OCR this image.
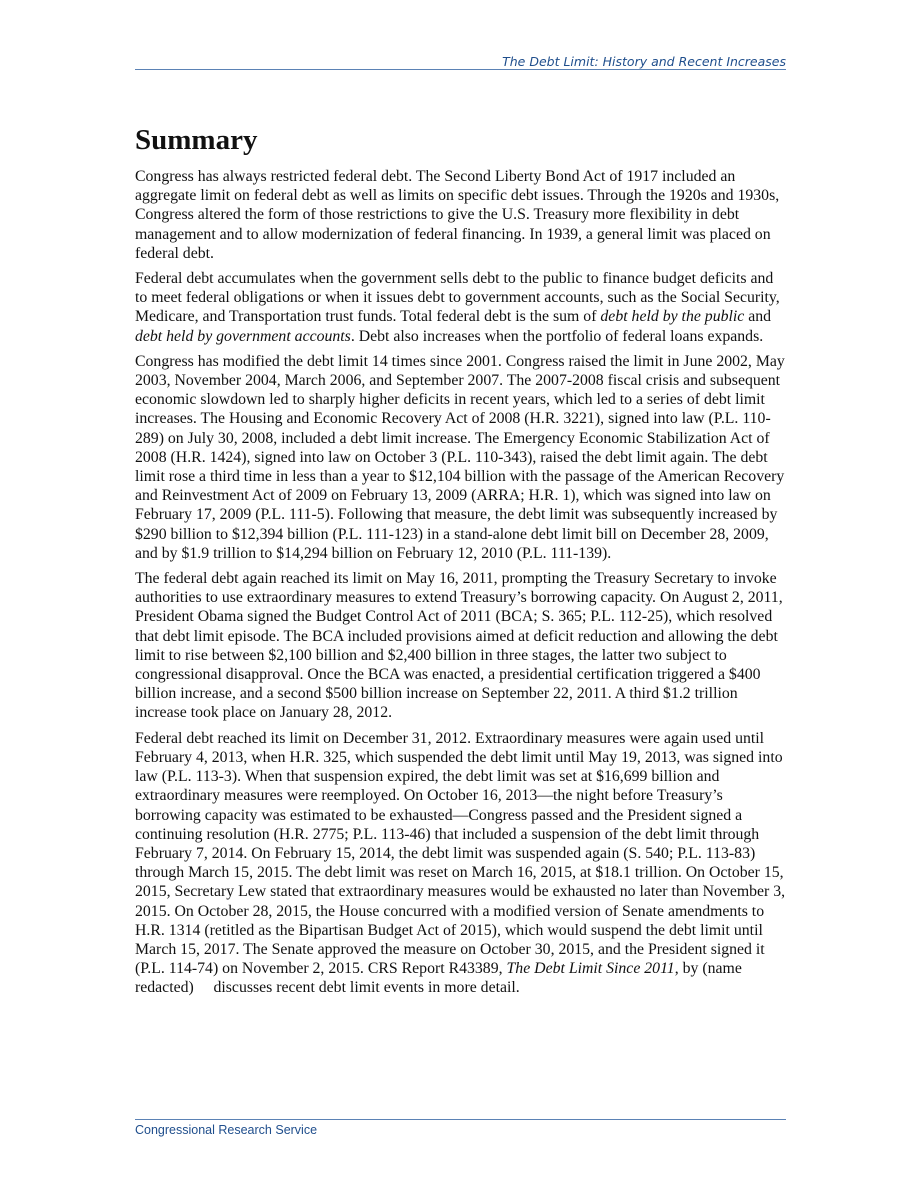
The Debt Limit: History and Recent Increases
Summary

Congress has always restricted federal debt. The Second Liberty Bond Act of 1917 included an aggregate limit on federal debt as well as limits on specific debt issues. Through the 1920s and 1930s, Congress altered the form of those restrictions to give the U.S. Treasury more flexibility in debt management and to allow modernization of federal financing. In 1939, a general limit was placed on federal debt.

Federal debt accumulates when the government sells debt to the public to finance budget deficits and to meet federal obligations or when it issues debt to government accounts, such as the Social Security, Medicare, and Transportation trust funds. Total federal debt is the sum of debt held by the public and debt held by government accounts. Debt also increases when the portfolio of federal loans expands.

Congress has modified the debt limit 14 times since 2001. Congress raised the limit in June 2002, May 2003, November 2004, March 2006, and September 2007. The 2007-2008 fiscal crisis and subsequent economic slowdown led to sharply higher deficits in recent years, which led to a series of debt limit increases. The Housing and Economic Recovery Act of 2008 (H.R. 3221), signed into law (P.L. 110-289) on July 30, 2008, included a debt limit increase. The Emergency Economic Stabilization Act of 2008 (H.R. 1424), signed into law on October 3 (P.L. 110-343), raised the debt limit again. The debt limit rose a third time in less than a year to $12,104 billion with the passage of the American Recovery and Reinvestment Act of 2009 on February 13, 2009 (ARRA; H.R. 1), which was signed into law on February 17, 2009 (P.L. 111-5). Following that measure, the debt limit was subsequently increased by $290 billion to $12,394 billion (P.L. 111-123) in a stand-alone debt limit bill on December 28, 2009, and by $1.9 trillion to $14,294 billion on February 12, 2010 (P.L. 111-139).

The federal debt again reached its limit on May 16, 2011, prompting the Treasury Secretary to invoke authorities to use extraordinary measures to extend Treasury’s borrowing capacity. On August 2, 2011, President Obama signed the Budget Control Act of 2011 (BCA; S. 365; P.L. 112-25), which resolved that debt limit episode. The BCA included provisions aimed at deficit reduction and allowing the debt limit to rise between $2,100 billion and $2,400 billion in three stages, the latter two subject to congressional disapproval. Once the BCA was enacted, a presidential certification triggered a $400 billion increase, and a second $500 billion increase on September 22, 2011. A third $1.2 trillion increase took place on January 28, 2012.

Federal debt reached its limit on December 31, 2012. Extraordinary measures were again used until February 4, 2013, when H.R. 325, which suspended the debt limit until May 19, 2013, was signed into law (P.L. 113-3). When that suspension expired, the debt limit was set at $16,699 billion and extraordinary measures were reemployed. On October 16, 2013—the night before Treasury’s borrowing capacity was estimated to be exhausted—Congress passed and the President signed a continuing resolution (H.R. 2775; P.L. 113-46) that included a suspension of the debt limit through February 7, 2014. On February 15, 2014, the debt limit was suspended again (S. 540; P.L. 113-83) through March 15, 2015. The debt limit was reset on March 16, 2015, at $18.1 trillion. On October 15, 2015, Secretary Lew stated that extraordinary measures would be exhausted no later than November 3, 2015. On October 28, 2015, the House concurred with a modified version of Senate amendments to H.R. 1314 (retitled as the Bipartisan Budget Act of 2015), which would suspend the debt limit until March 15, 2017. The Senate approved the measure on October 30, 2015, and the President signed it (P.L. 114-74) on November 2, 2015. CRS Report R43389, The Debt Limit Since 2011, by (name redacted)     discusses recent debt limit events in more detail.

Congressional Research Service
